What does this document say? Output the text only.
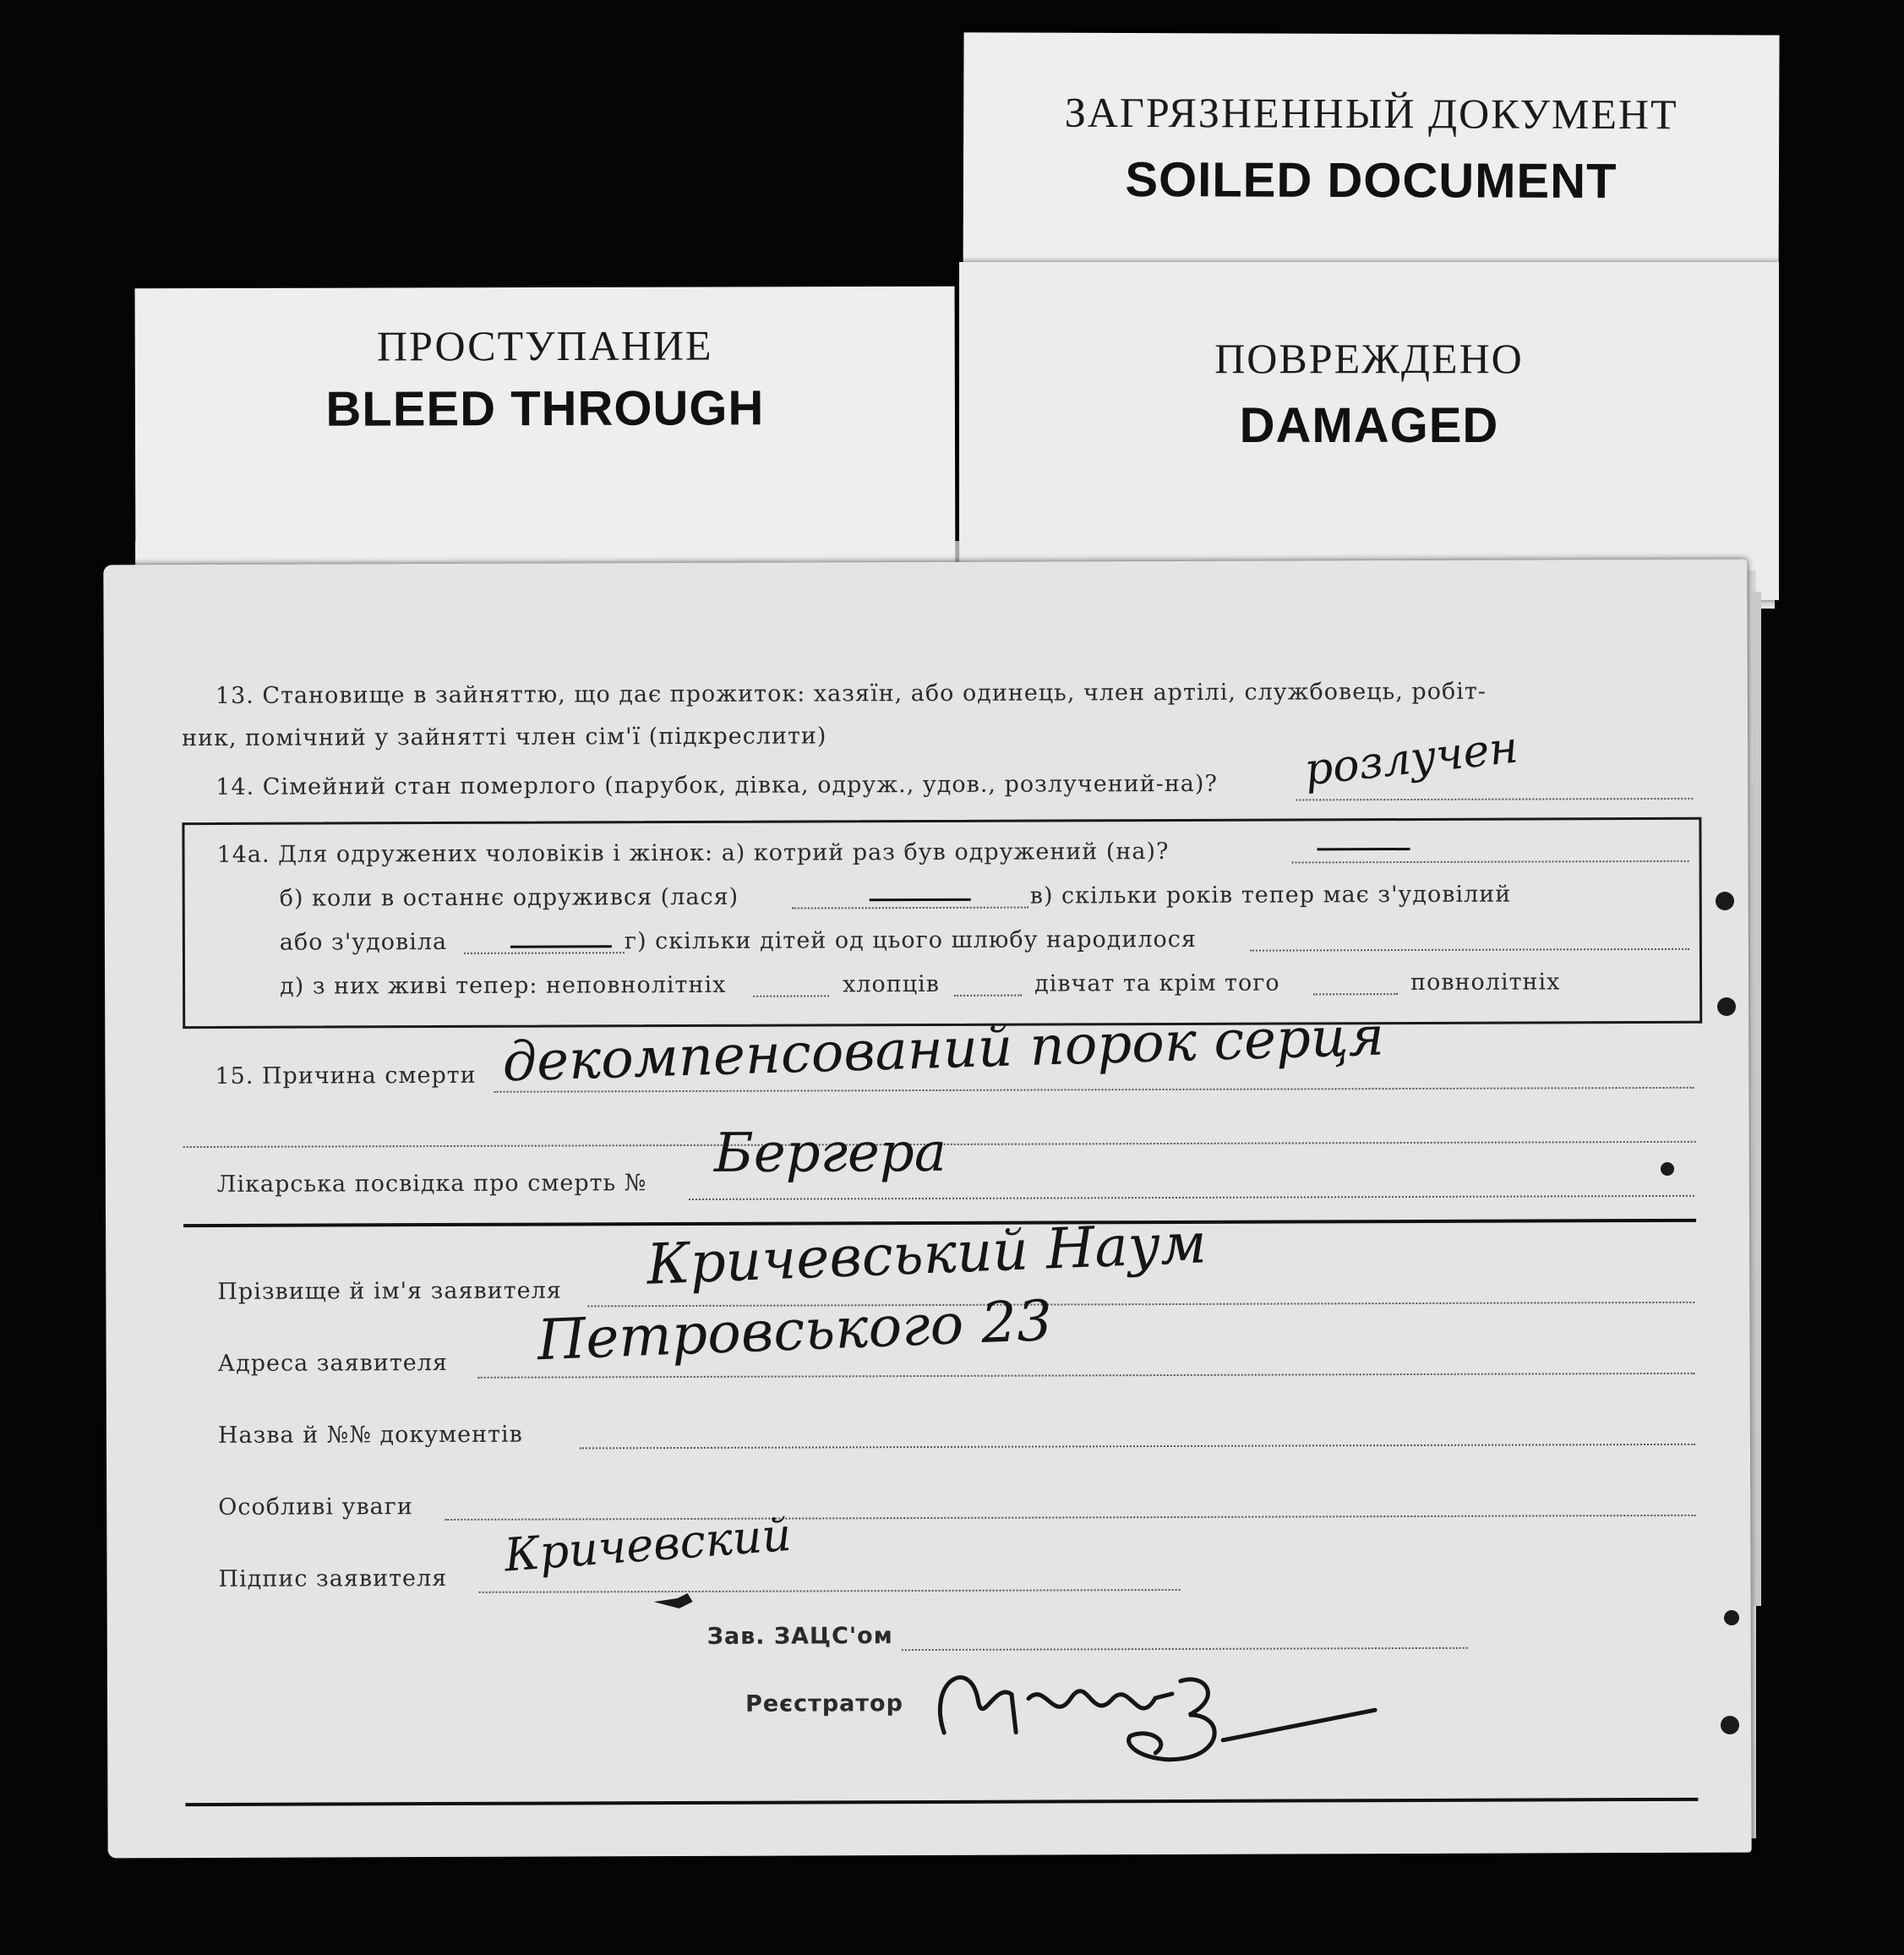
ЗАГРЯЗНЕННЫЙ ДОКУМЕНТ
SOILED DOCUMENT
ПОВРЕЖДЕНО
DAMAGED
ПРОСТУПАНИЕ
BLEED THROUGH
13. Становище в зайняттю, що дає прожиток: хазяїн, або одинець, член артілі, службовець, робіт-
ник, помічний у зайнятті член сім'ї (підкреслити)
14. Сімейний стан померлого (парубок, дівка, одруж., удов., розлучений-на)? розлучен
14а. Для одружених чоловіків і жінок: а) котрий раз був одружений (на)?
б) коли в останнє одружився (лася)	в) скільки років тепер має з'удовілий
або з'удовіла	г) скільки дітей од цього шлюбу народилося
д) з них живі тепер: неповнолітніх	хлопців	дівчат та крім того	повнолітніх
15. Причина смерти декомпенсований порок серця
Лікарська посвідка про смерть № Бергера
Прізвище й ім'я заявителя Кричевський Наум
Адреса заявителя Петровського 23
Назва й №№ документів
Особливі уваги
Підпис заявителя Кричевский
Зав. ЗАЦС'ом
Реєстратор
